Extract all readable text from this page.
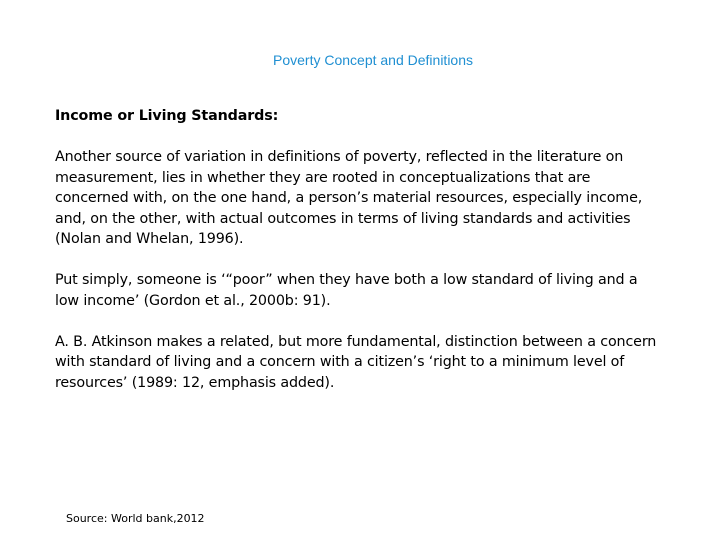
Poverty Concept and Definitions

Income or Living Standards:

Another source of variation in definitions of poverty, reflected in the literature on measurement, lies in whether they are rooted in conceptualizations that are concerned with, on the one hand, a person’s material resources, especially income, and, on the other, with actual outcomes in terms of living standards and activities (Nolan and Whelan, 1996).

Put simply, someone is ‘“poor” when they have both a low standard of living and a low income’ (Gordon et al., 2000b: 91).

A. B. Atkinson makes a related, but more fundamental, distinction between a concern with standard of living and a concern with a citizen’s ‘right to a minimum level of resources’ (1989: 12, emphasis added).

Source: World bank,2012
